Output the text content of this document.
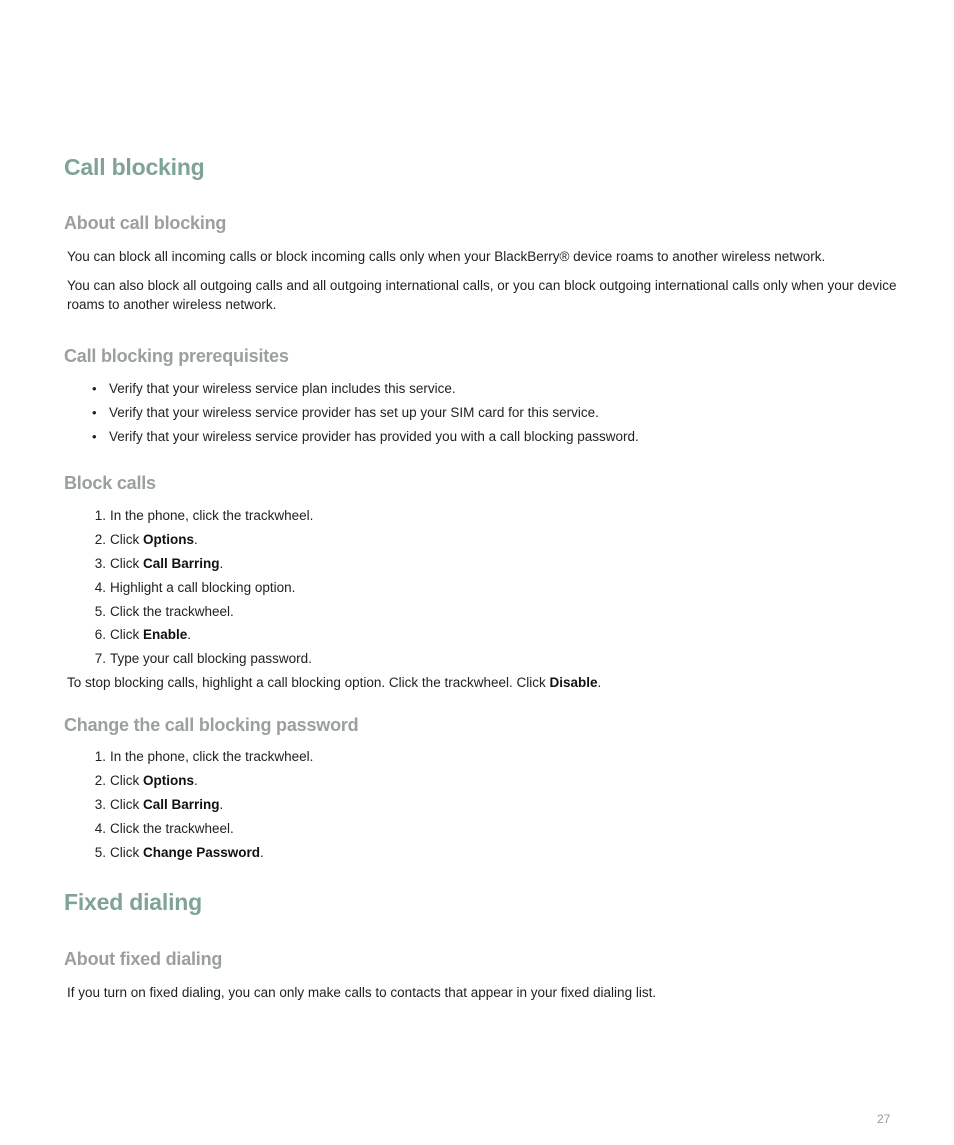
Call blocking
About call blocking
You can block all incoming calls or block incoming calls only when your BlackBerry® device roams to another wireless network.
You can also block all outgoing calls and all outgoing international calls, or you can block outgoing international calls only when your device roams to another wireless network.
Call blocking prerequisites
• Verify that your wireless service plan includes this service.
• Verify that your wireless service provider has set up your SIM card for this service.
• Verify that your wireless service provider has provided you with a call blocking password.
Block calls
1. In the phone, click the trackwheel.
2. Click Options.
3. Click Call Barring.
4. Highlight a call blocking option.
5. Click the trackwheel.
6. Click Enable.
7. Type your call blocking password.
To stop blocking calls, highlight a call blocking option. Click the trackwheel. Click Disable.
Change the call blocking password
1. In the phone, click the trackwheel.
2. Click Options.
3. Click Call Barring.
4. Click the trackwheel.
5. Click Change Password.
Fixed dialing
About fixed dialing
If you turn on fixed dialing, you can only make calls to contacts that appear in your fixed dialing list.
27
